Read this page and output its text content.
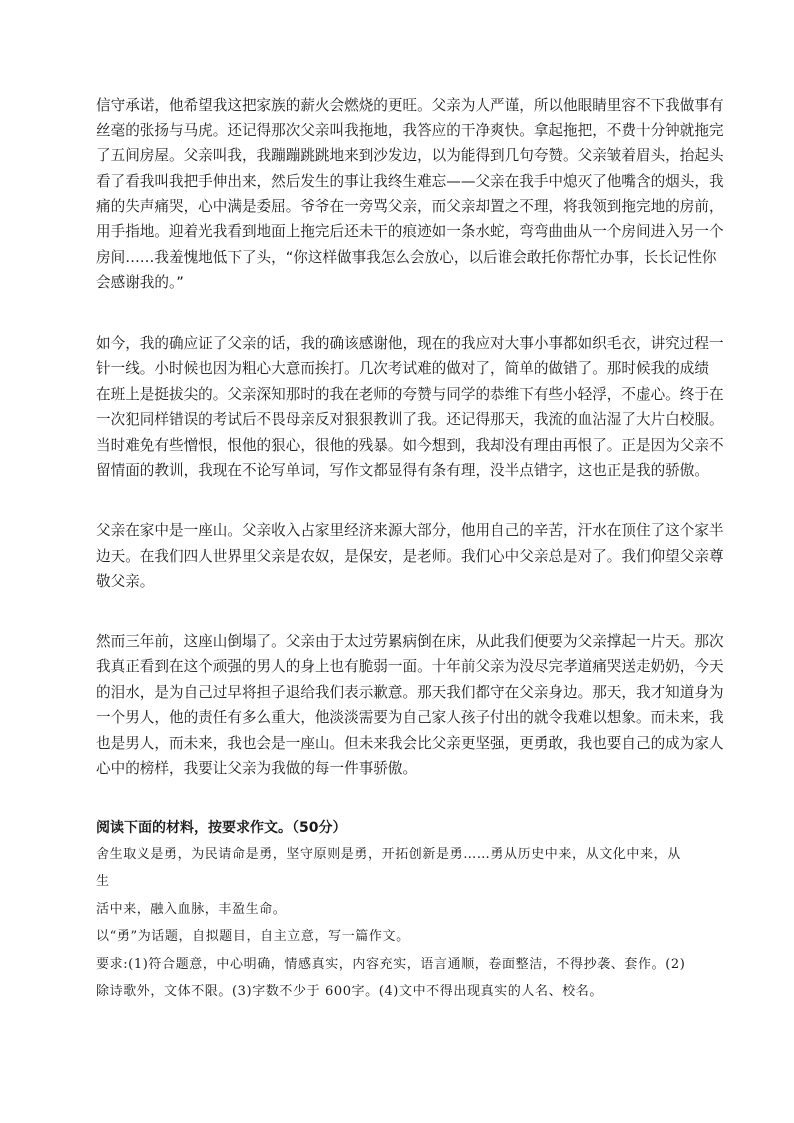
信守承诺，他希望我这把家族的薪火会燃烧的更旺。父亲为人严谨，所以他眼睛里容不下我做事有
丝毫的张扬与马虎。还记得那次父亲叫我拖地，我答应的干净爽快。拿起拖把，不费十分钟就拖完
了五间房屋。父亲叫我，我蹦蹦跳跳地来到沙发边，以为能得到几句夸赞。父亲皱着眉头，抬起头
看了看我叫我把手伸出来，然后发生的事让我终生难忘——父亲在我手中熄灭了他嘴含的烟头，我
痛的失声痛哭，心中满是委屈。爷爷在一旁骂父亲，而父亲却置之不理，将我领到拖完地的房前，
用手指地。迎着光我看到地面上拖完后还未干的痕迹如一条水蛇，弯弯曲曲从一个房间进入另一个
房间……我羞愧地低下了头，“你这样做事我怎么会放心，以后谁会敢托你帮忙办事，长长记性你
会感谢我的。”
如今，我的确应证了父亲的话，我的确该感谢他，现在的我应对大事小事都如织毛衣，讲究过程一
针一线。小时候也因为粗心大意而挨打。几次考试难的做对了，简单的做错了。那时候我的成绩
在班上是挺拔尖的。父亲深知那时的我在老师的夸赞与同学的恭维下有些小轻浮，不虚心。终于在
一次犯同样错误的考试后不畏母亲反对狠狠教训了我。还记得那天，我流的血沾湿了大片白校服。
当时难免有些憎恨，恨他的狠心，很他的残暴。如今想到，我却没有理由再恨了。正是因为父亲不
留情面的教训，我现在不论写单词，写作文都显得有条有理，没半点错字，这也正是我的骄傲。
父亲在家中是一座山。父亲收入占家里经济来源大部分，他用自己的辛苦，汗水在顶住了这个家半
边天。在我们四人世界里父亲是农奴，是保安，是老师。我们心中父亲总是对了。我们仰望父亲尊
敬父亲。
然而三年前，这座山倒塌了。父亲由于太过劳累病倒在床，从此我们便要为父亲撑起一片天。那次
我真正看到在这个顽强的男人的身上也有脆弱一面。十年前父亲为没尽完孝道痛哭送走奶奶，今天
的泪水，是为自己过早将担子退给我们表示歉意。那天我们都守在父亲身边。那天，我才知道身为
一个男人，他的责任有多么重大，他淡淡需要为自己家人孩子付出的就令我难以想象。而未来，我
也是男人，而未来，我也会是一座山。但未来我会比父亲更坚强，更勇敢，我也要自己的成为家人
心中的榜样，我要让父亲为我做的每一件事骄傲。
阅读下面的材料，按要求作文。（50分）
舍生取义是勇，为民请命是勇，坚守原则是勇，开拓创新是勇……勇从历史中来，从文化中来，从
生
活中来，融入血脉，丰盈生命。
以“勇”为话题，自拟题目，自主立意，写一篇作文。
要求:(1)符合题意，中心明确，情感真实，内容充实，语言通顺，卷面整洁，不得抄袭、套作。(2)
除诗歌外，文体不限。(3)字数不少于 600字。(4)文中不得出现真实的人名、校名。
